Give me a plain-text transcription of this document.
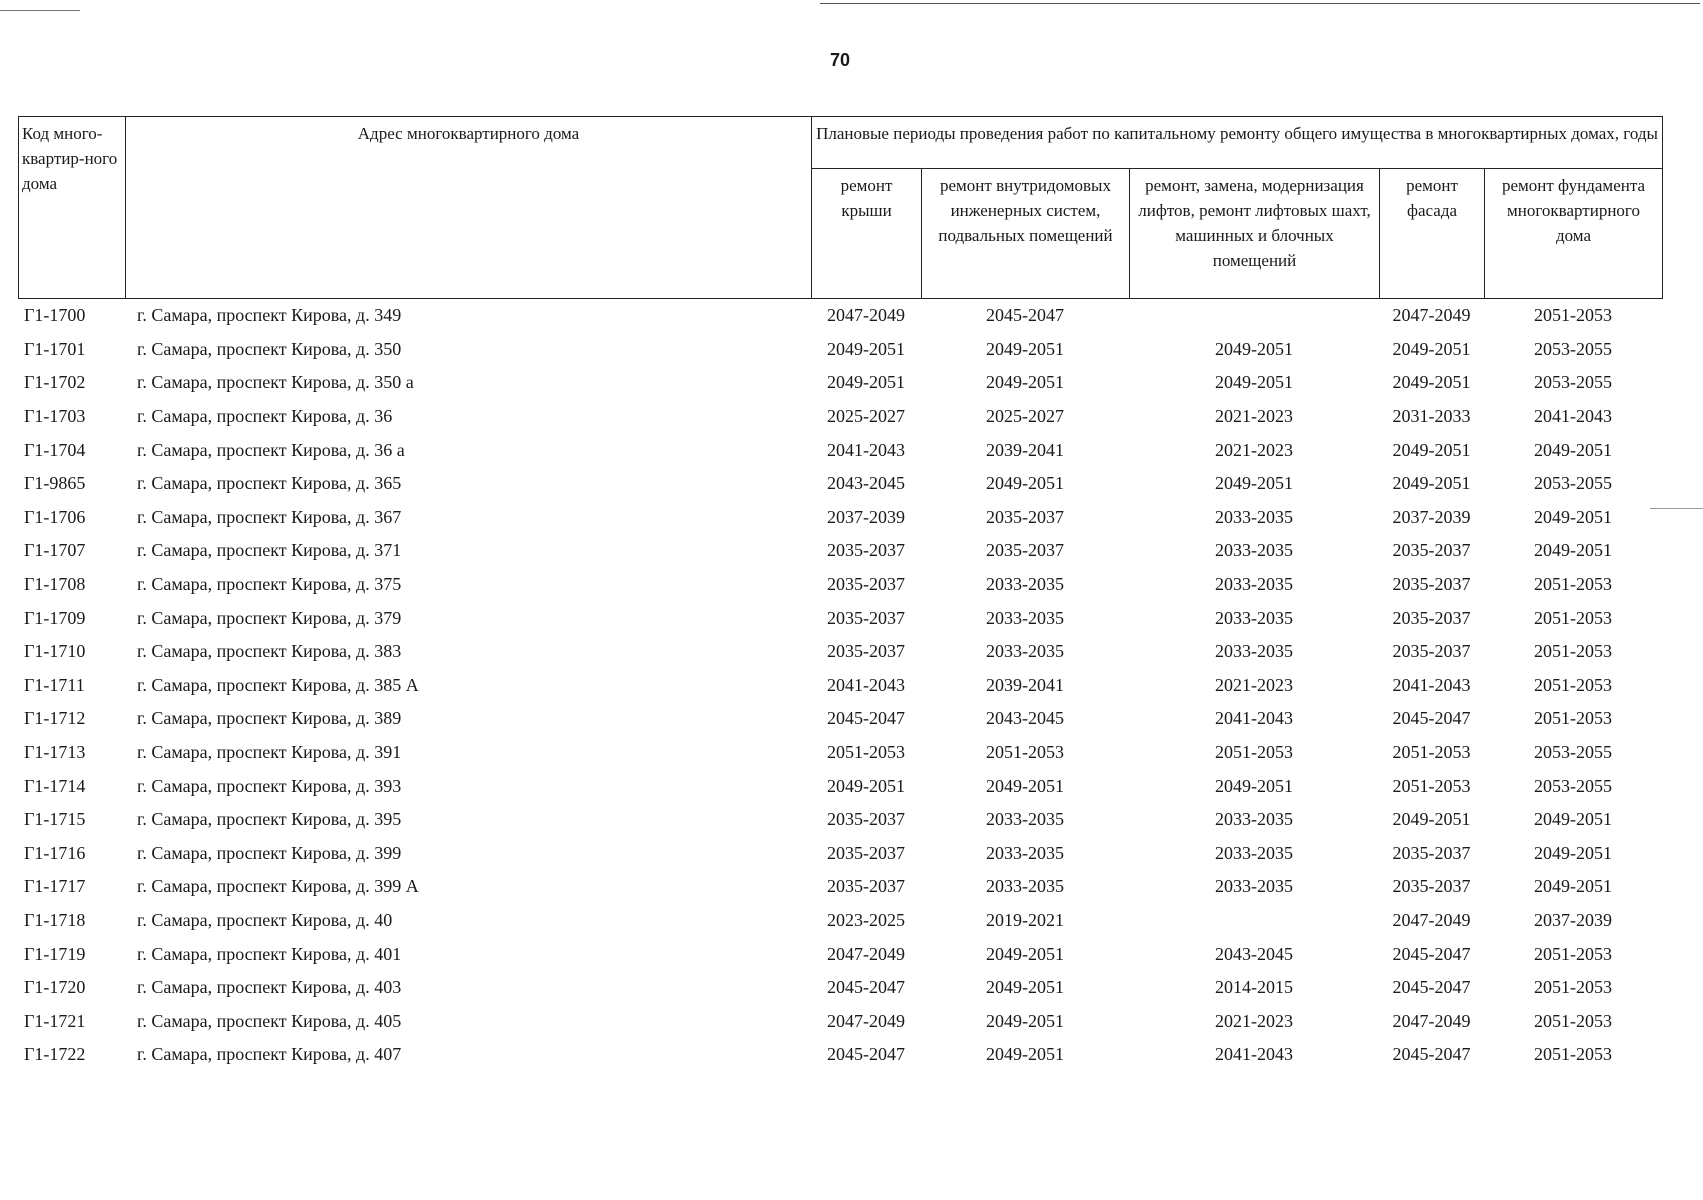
70
Код много-квартир-ного дома	Адрес многоквартирного дома	Плановые периоды проведения работ по капитальному ремонту общего имущества в многоквартирных домах, годы				
		ремонт крыши	ремонт внутридомовых инженерных систем, подвальных помещений	ремонт, замена, модернизация лифтов, ремонт лифтовых шахт, машинных и блочных помещений	ремонт фасада	ремонт фундамента многоквартирного дома
Г1-1700	г. Самара, проспект Кирова, д. 349	2047-2049	2045-2047		2047-2049	2051-2053
Г1-1701	г. Самара, проспект Кирова, д. 350	2049-2051	2049-2051	2049-2051	2049-2051	2053-2055
Г1-1702	г. Самара, проспект Кирова, д. 350 а	2049-2051	2049-2051	2049-2051	2049-2051	2053-2055
Г1-1703	г. Самара, проспект Кирова, д. 36	2025-2027	2025-2027	2021-2023	2031-2033	2041-2043
Г1-1704	г. Самара, проспект Кирова, д. 36 а	2041-2043	2039-2041	2021-2023	2049-2051	2049-2051
Г1-9865	г. Самара, проспект Кирова, д. 365	2043-2045	2049-2051	2049-2051	2049-2051	2053-2055
Г1-1706	г. Самара, проспект Кирова, д. 367	2037-2039	2035-2037	2033-2035	2037-2039	2049-2051
Г1-1707	г. Самара, проспект Кирова, д. 371	2035-2037	2035-2037	2033-2035	2035-2037	2049-2051
Г1-1708	г. Самара, проспект Кирова, д. 375	2035-2037	2033-2035	2033-2035	2035-2037	2051-2053
Г1-1709	г. Самара, проспект Кирова, д. 379	2035-2037	2033-2035	2033-2035	2035-2037	2051-2053
Г1-1710	г. Самара, проспект Кирова, д. 383	2035-2037	2033-2035	2033-2035	2035-2037	2051-2053
Г1-1711	г. Самара, проспект Кирова, д. 385 А	2041-2043	2039-2041	2021-2023	2041-2043	2051-2053
Г1-1712	г. Самара, проспект Кирова, д. 389	2045-2047	2043-2045	2041-2043	2045-2047	2051-2053
Г1-1713	г. Самара, проспект Кирова, д. 391	2051-2053	2051-2053	2051-2053	2051-2053	2053-2055
Г1-1714	г. Самара, проспект Кирова, д. 393	2049-2051	2049-2051	2049-2051	2051-2053	2053-2055
Г1-1715	г. Самара, проспект Кирова, д. 395	2035-2037	2033-2035	2033-2035	2049-2051	2049-2051
Г1-1716	г. Самара, проспект Кирова, д. 399	2035-2037	2033-2035	2033-2035	2035-2037	2049-2051
Г1-1717	г. Самара, проспект Кирова, д. 399 А	2035-2037	2033-2035	2033-2035	2035-2037	2049-2051
Г1-1718	г. Самара, проспект Кирова, д. 40	2023-2025	2019-2021		2047-2049	2037-2039
Г1-1719	г. Самара, проспект Кирова, д. 401	2047-2049	2049-2051	2043-2045	2045-2047	2051-2053
Г1-1720	г. Самара, проспект Кирова, д. 403	2045-2047	2049-2051	2014-2015	2045-2047	2051-2053
Г1-1721	г. Самара, проспект Кирова, д. 405	2047-2049	2049-2051	2021-2023	2047-2049	2051-2053
Г1-1722	г. Самара, проспект Кирова, д. 407	2045-2047	2049-2051	2041-2043	2045-2047	2051-2053
